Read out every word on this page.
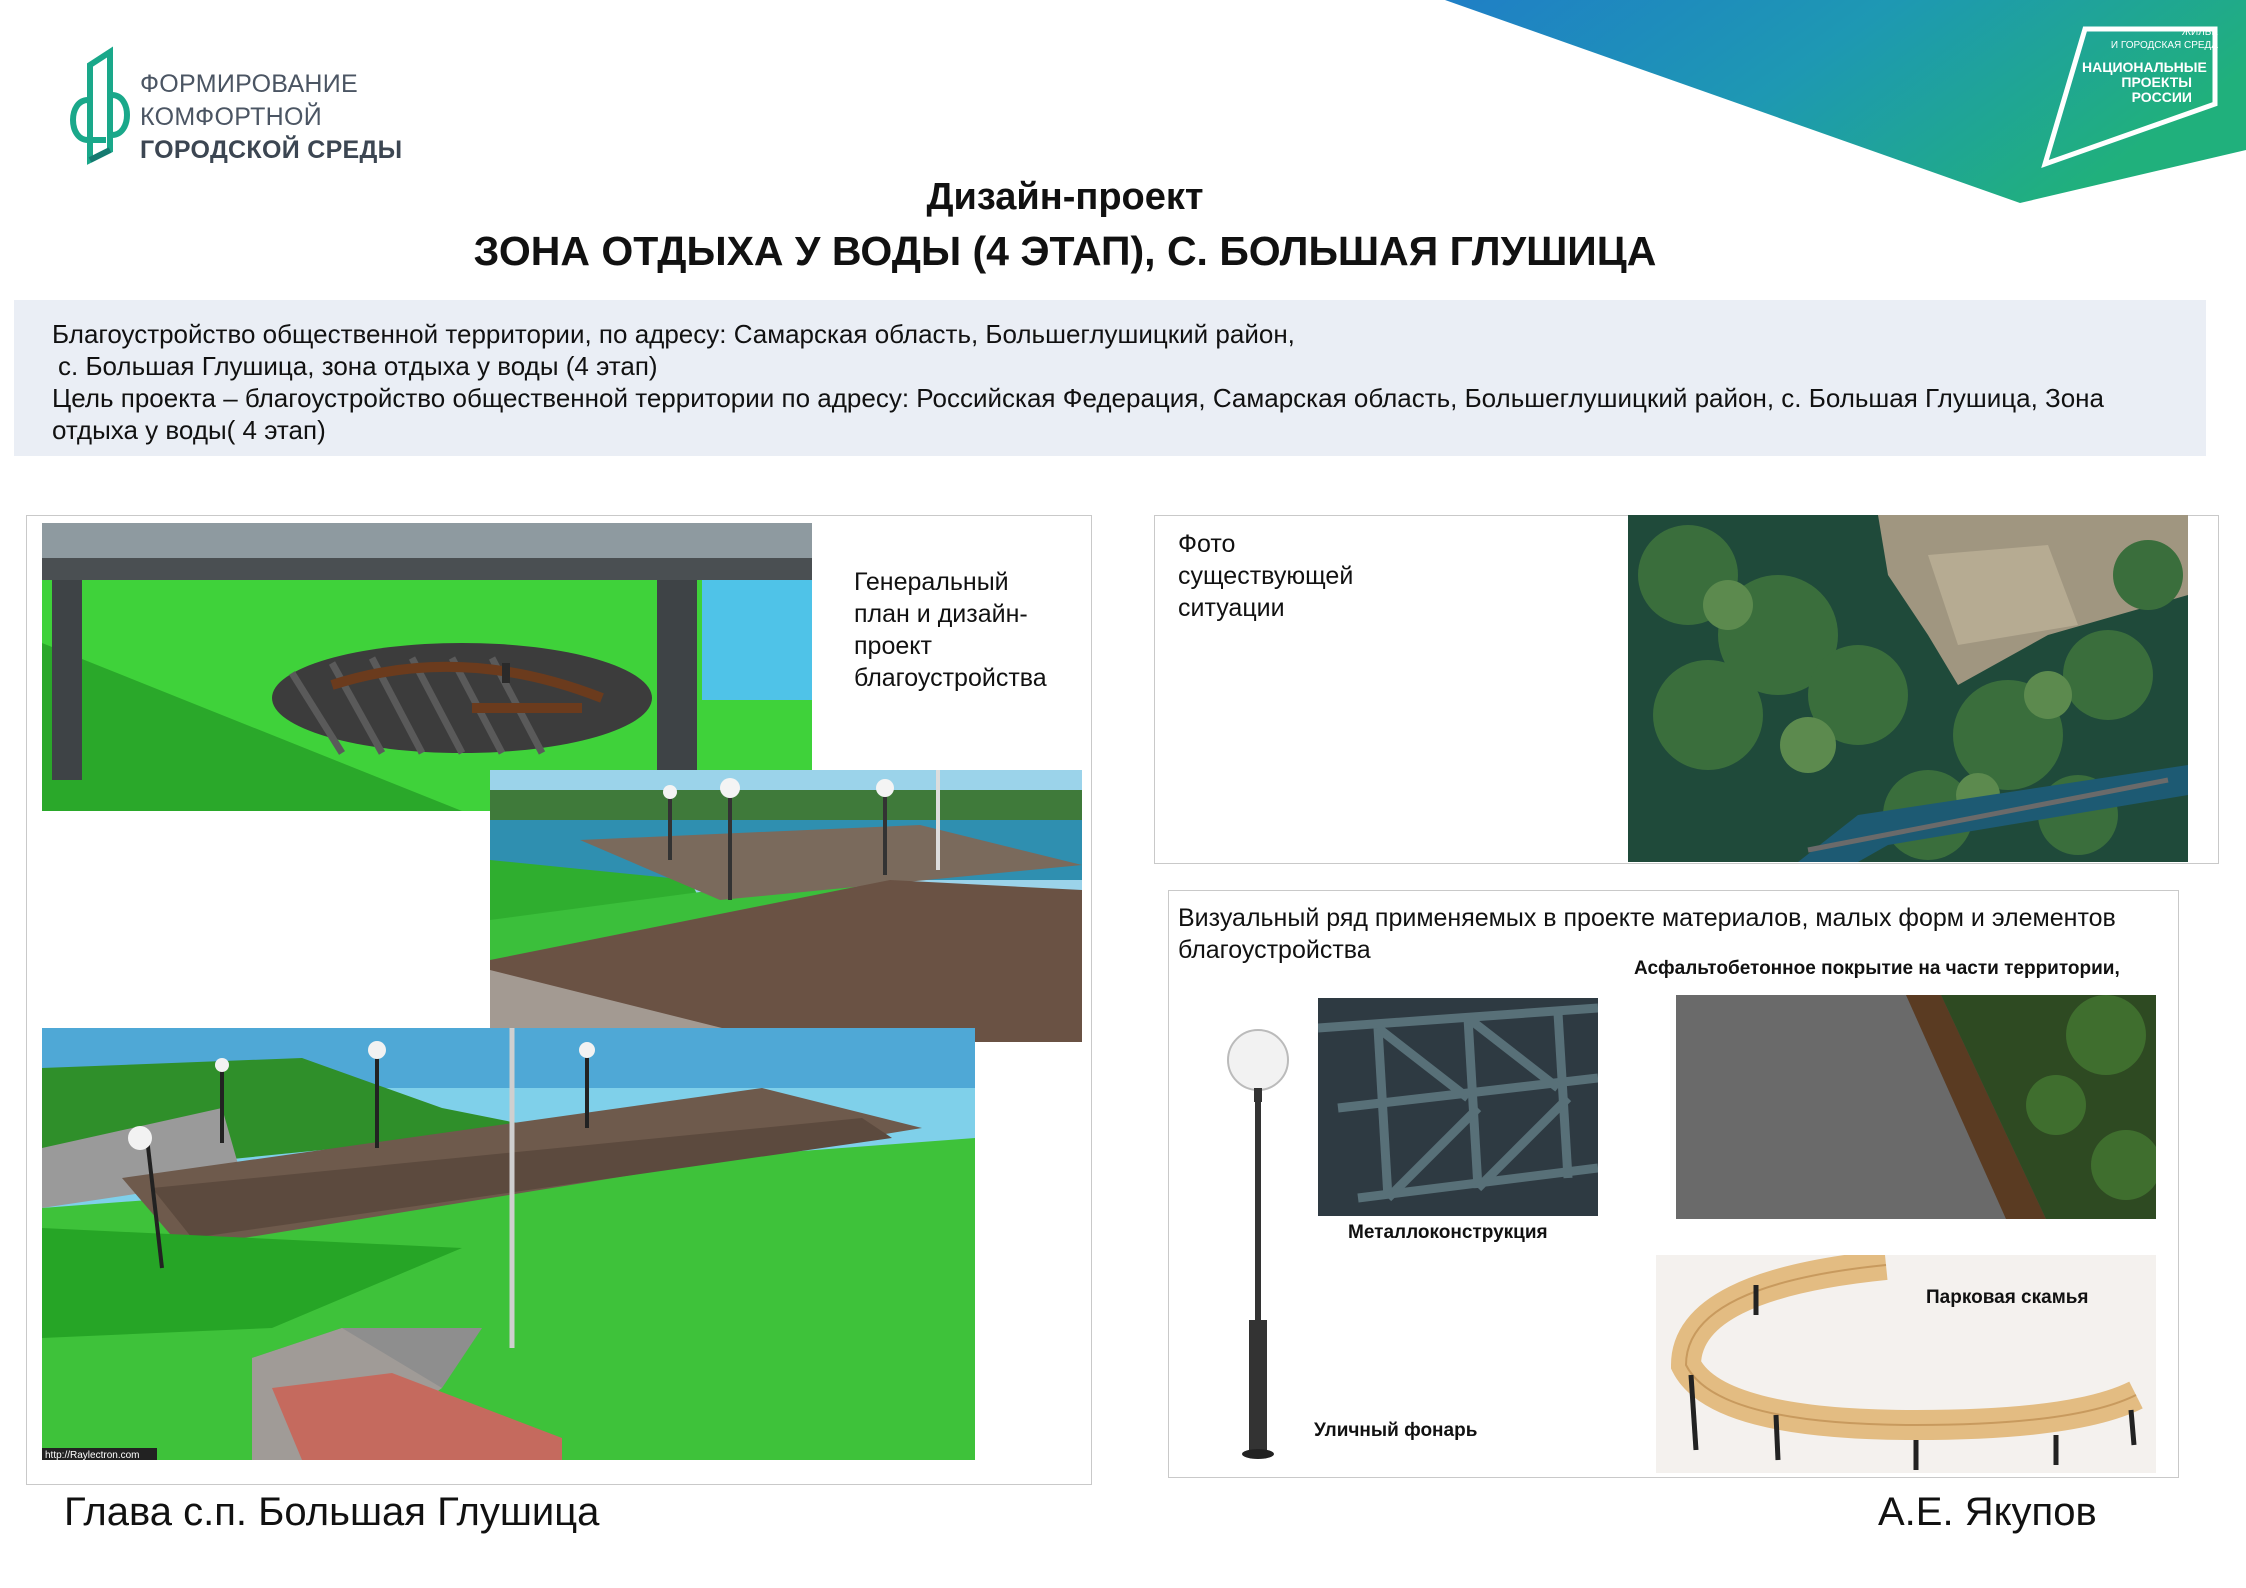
ФОРМИРОВАНИЕ
КОМФОРТНОЙ
ГОРОДСКОЙ СРЕДЫ
ЖИЛЬЕ
И ГОРОДСКАЯ СРЕДА
НАЦИОНАЛЬНЫЕ
ПРОЕКТЫ
РОССИИ
Дизайн-проект
ЗОНА ОТДЫХА У ВОДЫ (4 ЭТАП), С. БОЛЬШАЯ ГЛУШИЦА

Благоустройство общественной территории, по адресу: Самарская область, Большеглушицкий район,

с. Большая Глушица, зона отдыха у воды (4 этап)

Цель проекта – благоустройство общественной территории по адресу: Российская Федерация, Самарская область, Большеглушицкий район, с. Большая Глушица, Зона отдыха у воды( 4 этап)

http://Raylectron.com
Генеральный план и дизайн-проект благоустройства
Фото существующей ситуации
Визуальный ряд применяемых в проекте материалов, малых форм и элементов благоустройства
Асфальтобетонное покрытие на части территории,
Уличный фонарь
Металлоконструкция
Парковая скамья
Глава с.п. Большая Глушица	А.Е. Якупов
